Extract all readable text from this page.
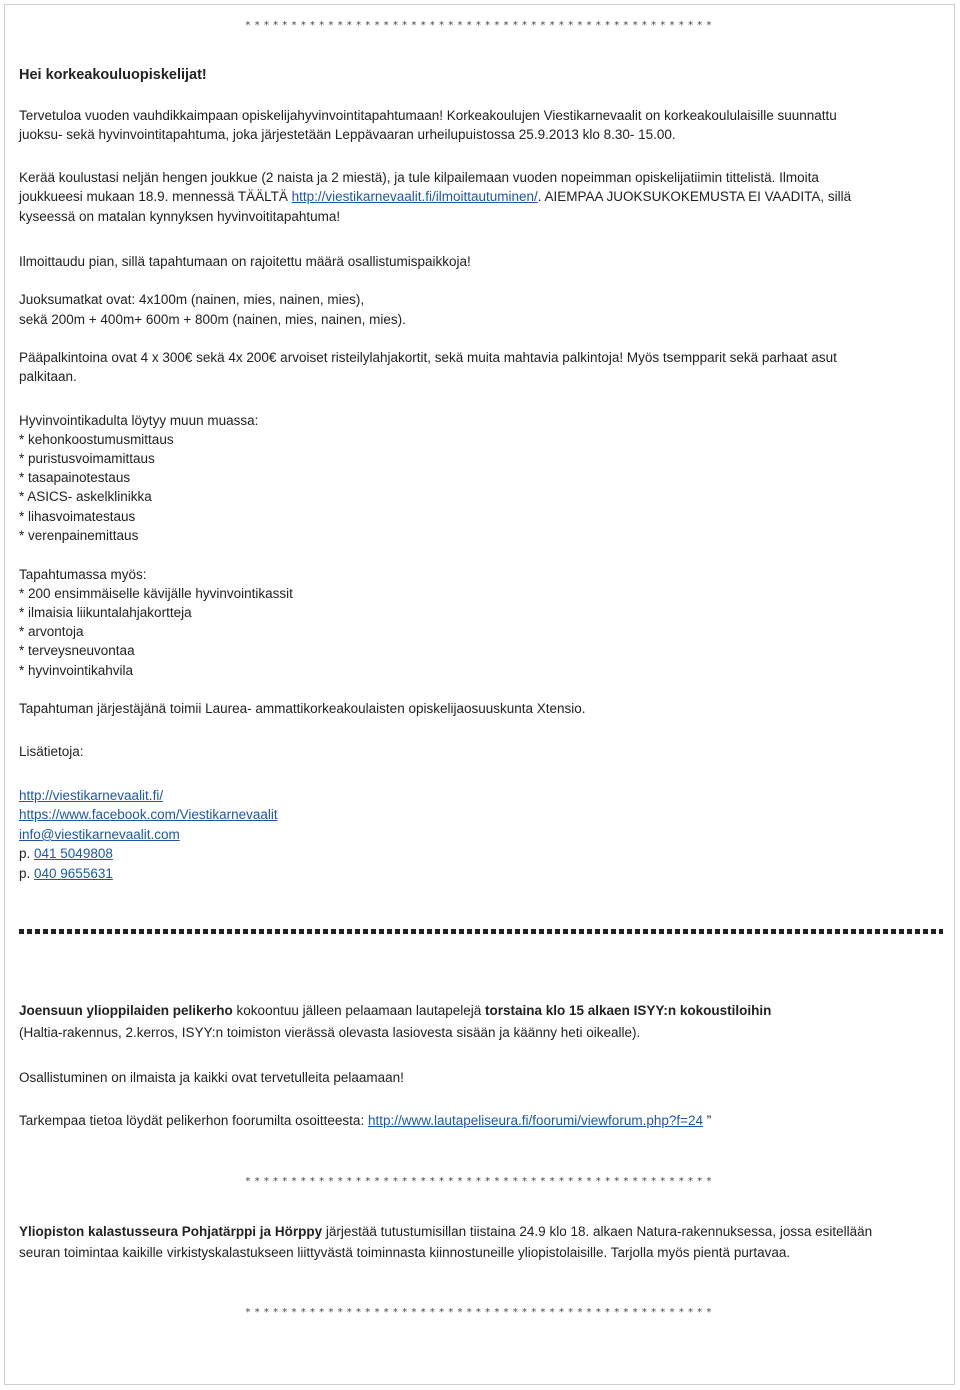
***************************************************
Hei korkeakouluopiskelijat!
Tervetuloa vuoden vauhdikkaimpaan opiskelijahyvinvointitapahtumaan! Korkeakoulujen Viestikarnevaalit on korkeakoululaisille suunnattu
juoksu- sekä hyvinvointitapahtuma, joka järjestetään Leppävaaran urheilupuistossa 25.9.2013 klo 8.30- 15.00.
Kerää koulustasi neljän hengen joukkue (2 naista ja 2 miestä), ja tule kilpailemaan vuoden nopeimman opiskelijatiimin tittelistä. Ilmoita
joukkueesi mukaan 18.9. mennessä TÄÄLTÄ http://viestikarnevaalit.fi/ilmoittautuminen/. AIEMPAA JUOKSUKOKEMUSTA EI VAADITA, sillä
kyseessä on matalan kynnyksen hyvinvoititapahtuma!
Ilmoittaudu pian, sillä tapahtumaan on rajoitettu määrä osallistumispaikkoja!
Juoksumatkat ovat: 4x100m (nainen, mies, nainen, mies),
sekä 200m + 400m+ 600m + 800m (nainen, mies, nainen, mies).
Pääpalkintoina ovat 4 x 300€ sekä 4x 200€ arvoiset risteilylahjakortit, sekä muita mahtavia palkintoja! Myös tsempparit sekä parhaat asut
palkitaan.
Hyvinvointikadulta löytyy muun muassa:
* kehonkoostumusmittaus
* puristusvoimamittaus
* tasapainotestaus
* ASICS- askelklinikka
* lihasvoimatestaus
* verenpainemittaus
Tapahtumassa myös:
* 200 ensimmäiselle kävijälle hyvinvointikassit
* ilmaisia liikuntalahjakortteja
* arvontoja
* terveysneuvontaa
* hyvinvointikahvila
Tapahtuman järjestäjänä toimii Laurea- ammattikorkeakoulaisten opiskelijaosuuskunta Xtensio.
Lisätietoja:
http://viestikarnevaalit.fi/
https://www.facebook.com/Viestikarnevaalit
info@viestikarnevaalit.com
p. 041 5049808
p. 040 9655631
Joensuun ylioppilaiden pelikerho kokoontuu jälleen pelaamaan lautapelejä torstaina klo 15 alkaen ISYY:n kokoustiloihin
(Haltia-rakennus, 2.kerros, ISYY:n toimiston vierässä olevasta lasiovesta sisään ja käänny heti oikealle).
Osallistuminen on ilmaista ja kaikki ovat tervetulleita pelaamaan!
Tarkempaa tietoa löydät pelikerhon foorumilta osoitteesta: http://www.lautapeliseura.fi/foorumi/viewforum.php?f=24 ”
***************************************************
Yliopiston kalastusseura Pohjatärppi ja Hörppy järjestää tutustumisillan tiistaina 24.9 klo 18. alkaen Natura-rakennuksessa, jossa esitellään
seuran toimintaa kaikille virkistyskalastukseen liittyvästä toiminnasta kiinnostuneille yliopistolaisille. Tarjolla myös pientä purtavaa.
***************************************************
